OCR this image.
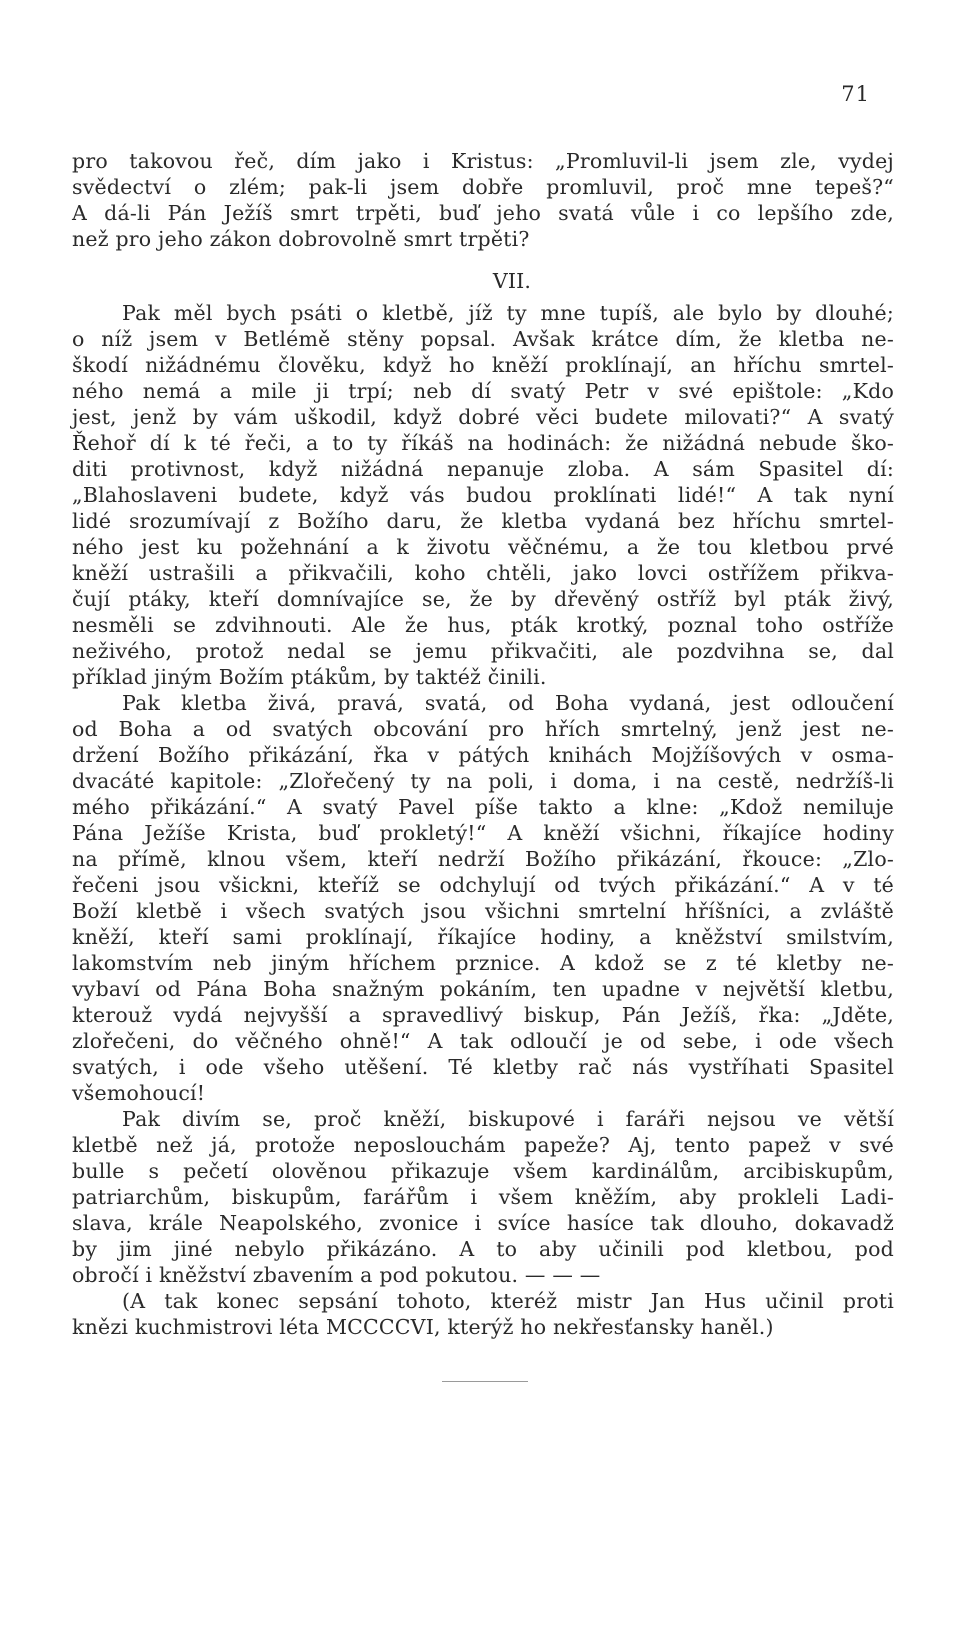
71
pro takovou řeč, dím jako i Kristus: „Promluvil-li jsem zle, vydej
svědectví o zlém; pak-li jsem dobře promluvil, proč mne tepeš?“
A dá-li Pán Ježíš smrt trpěti, buď jeho svatá vůle i co lepšího zde,
než pro jeho zákon dobrovolně smrt trpěti?
VII.
Pak měl bych psáti o kletbě, jíž ty mne tupíš, ale bylo by dlouhé;
o níž jsem v Betlémě stěny popsal. Avšak krátce dím, že kletba ne-
škodí nižádnému člověku, když ho kněží proklínají, an hříchu smrtel-
ného nemá a mile ji trpí; neb dí svatý Petr v své epištole: „Kdo
jest, jenž by vám uškodil, když dobré věci budete milovati?“ A svatý
Řehoř dí k té řeči, a to ty říkáš na hodinách: že nižádná nebude ško-
diti protivnost, když nižádná nepanuje zloba. A sám Spasitel dí:
„Blahoslaveni budete, když vás budou proklínati lidé!“ A tak nyní
lidé srozumívají z Božího daru, že kletba vydaná bez hříchu smrtel-
ného jest ku požehnání a k životu věčnému, a že tou kletbou prvé
kněží ustrašili a přikvačili, koho chtěli, jako lovci ostřížem přikva-
čují ptáky, kteří domnívajíce se, že by dřevěný ostříž byl pták živý,
nesměli se zdvihnouti. Ale že hus, pták krotký, poznal toho ostříže
neživého, protož nedal se jemu přikvačiti, ale pozdvihna se, dal
příklad jiným Božím ptákům, by taktéž činili.
Pak kletba živá, pravá, svatá, od Boha vydaná, jest odloučení
od Boha a od svatých obcování pro hřích smrtelný, jenž jest ne-
držení Božího přikázání, řka v pátých knihách Mojžíšových v osma-
dvacáté kapitole: „Zlořečený ty na poli, i doma, i na cestě, nedržíš-li
mého přikázání.“ A svatý Pavel píše takto a klne: „Kdož nemiluje
Pána Ježíše Krista, buď prokletý!“ A kněží všichni, říkajíce hodiny
na přímě, klnou všem, kteří nedrží Božího přikázání, řkouce: „Zlo-
řečeni jsou všickni, kteříž se odchylují od tvých přikázání.“ A v té
Boží kletbě i všech svatých jsou všichni smrtelní hříšníci, a zvláště
kněží, kteří sami proklínají, říkajíce hodiny, a kněžství smilstvím,
lakomstvím neb jiným hříchem prznice. A kdož se z té kletby ne-
vybaví od Pána Boha snažným pokáním, ten upadne v největší kletbu,
kterouž vydá nejvyšší a spravedlivý biskup, Pán Ježíš, řka: „Jděte,
zlořečeni, do věčného ohně!“ A tak odloučí je od sebe, i ode všech
svatých, i ode všeho utěšení. Té kletby rač nás vystříhati Spasitel
všemohoucí!
Pak divím se, proč kněží, biskupové i faráři nejsou ve větší
kletbě než já, protože neposlouchám papeže? Aj, tento papež v své
bulle s pečetí olověnou přikazuje všem kardinálům, arcibiskupům,
patriarchům, biskupům, farářům i všem kněžím, aby prokleli Ladi-
slava, krále Neapolského, zvonice i svíce hasíce tak dlouho, dokavadž
by jim jiné nebylo přikázáno. A to aby učinili pod kletbou, pod
obročí i kněžství zbavením a pod pokutou. — — —
(A tak konec sepsání tohoto, kteréž mistr Jan Hus učinil proti
knězi kuchmistrovi léta MCCCCVI, kterýž ho nekřesťansky haněl.)
